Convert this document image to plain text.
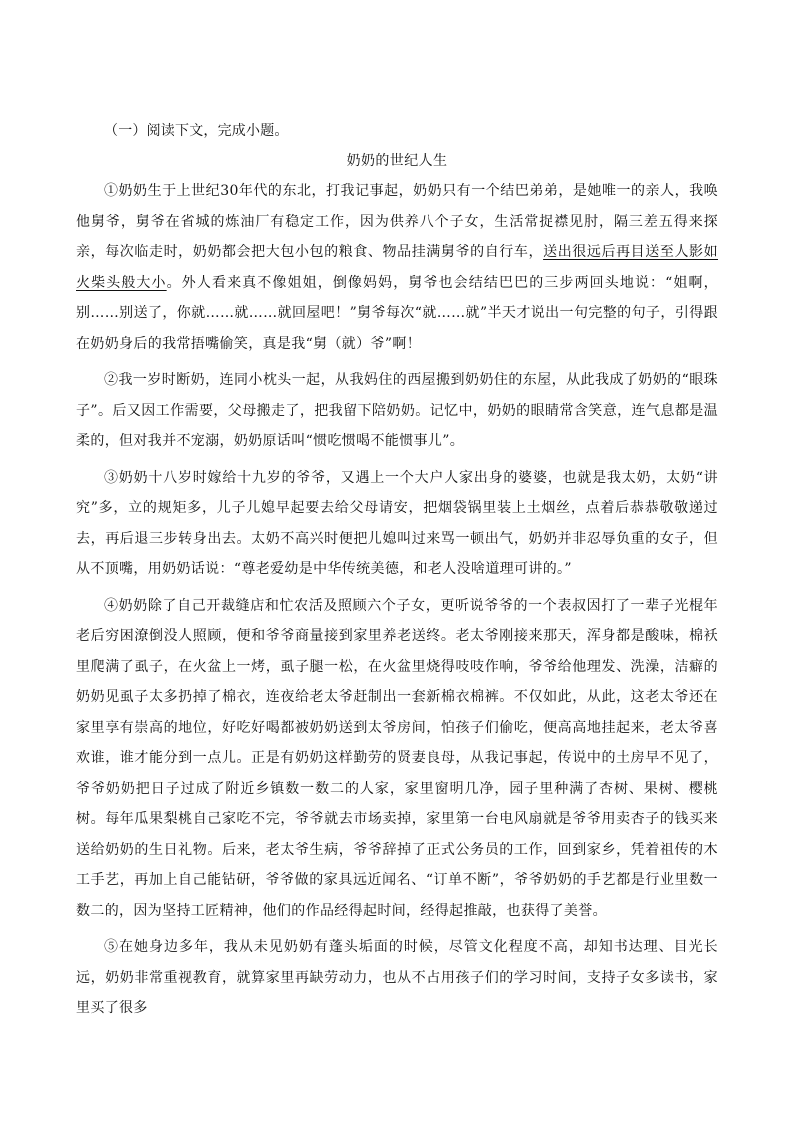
（一）阅读下文，完成小题。

奶奶的世纪人生

①奶奶生于上世纪30年代的东北，打我记事起，奶奶只有一个结巴弟弟，是她唯一的亲人，我唤他舅爷，舅爷在省城的炼油厂有稳定工作，因为供养八个子女，生活常捉襟见肘，隔三差五得来探亲，每次临走时，奶奶都会把大包小包的粮食、物品挂满舅爷的自行车，送出很远后再目送至人影如火柴头般大小。外人看来真不像姐姐，倒像妈妈，舅爷也会结结巴巴的三步两回头地说：“姐啊，别……别送了，你就……就……就回屋吧！”舅爷每次“就……就”半天才说出一句完整的句子，引得跟在奶奶身后的我常捂嘴偷笑，真是我“舅（就）爷”啊！

②我一岁时断奶，连同小枕头一起，从我妈住的西屋搬到奶奶住的东屋，从此我成了奶奶的“眼珠子”。后又因工作需要，父母搬走了，把我留下陪奶奶。记忆中，奶奶的眼睛常含笑意，连气息都是温柔的，但对我并不宠溺，奶奶原话叫“惯吃惯喝不能惯事儿”。

③奶奶十八岁时嫁给十九岁的爷爷，又遇上一个大户人家出身的婆婆，也就是我太奶，太奶“讲究”多，立的规矩多，儿子儿媳早起要去给父母请安，把烟袋锅里装上土烟丝，点着后恭恭敬敬递过去，再后退三步转身出去。太奶不高兴时便把儿媳叫过来骂一顿出气，奶奶并非忍辱负重的女子，但从不顶嘴，用奶奶话说：“尊老爱幼是中华传统美德，和老人没啥道理可讲的。”

④奶奶除了自己开裁缝店和忙农活及照顾六个子女，更听说爷爷的一个表叔因打了一辈子光棍年老后穷困潦倒没人照顾，便和爷爷商量接到家里养老送终。老太爷刚接来那天，浑身都是酸味，棉袄里爬满了虱子，在火盆上一烤，虱子腿一松，在火盆里烧得吱吱作响，爷爷给他理发、洗澡，洁癖的奶奶见虱子太多扔掉了棉衣，连夜给老太爷赶制出一套新棉衣棉裤。不仅如此，从此，这老太爷还在家里享有崇高的地位，好吃好喝都被奶奶送到太爷房间，怕孩子们偷吃，便高高地挂起来，老太爷喜欢谁，谁才能分到一点儿。正是有奶奶这样勤劳的贤妻良母，从我记事起，传说中的土房早不见了，爷爷奶奶把日子过成了附近乡镇数一数二的人家，家里窗明几净，园子里种满了杏树、果树、樱桃树。每年瓜果梨桃自己家吃不完，爷爷就去市场卖掉，家里第一台电风扇就是爷爷用卖杏子的钱买来送给奶奶的生日礼物。后来，老太爷生病，爷爷辞掉了正式公务员的工作，回到家乡，凭着祖传的木工手艺，再加上自己能钻研，爷爷做的家具远近闻名、“订单不断”，爷爷奶奶的手艺都是行业里数一数二的，因为坚持工匠精神，他们的作品经得起时间，经得起推敲，也获得了美誉。

⑤在她身边多年，我从未见奶奶有蓬头垢面的时候，尽管文化程度不高，却知书达理、目光长远，奶奶非常重视教育，就算家里再缺劳动力，也从不占用孩子们的学习时间，支持子女多读书，家里买了很多
